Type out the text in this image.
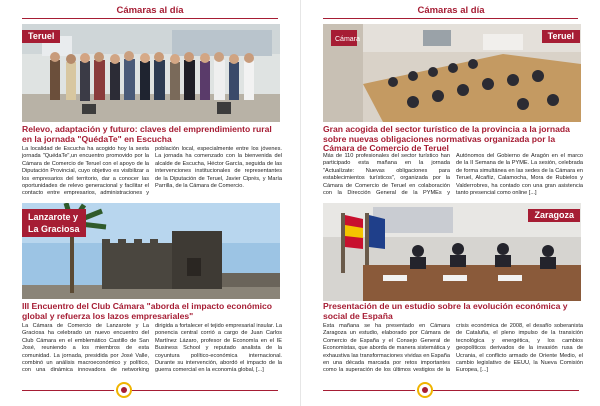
Cámaras al día
Teruel
Relevo, adaptación y futuro: claves del emprendimiento rural en la jornada "QuédaTe" en Escucha
La localidad de Escucha ha acogido hoy la sexta jornada "QuédaTe",un encuentro promovido por la Cámara de Comercio de Teruel con el apoyo de la Diputación Provincial, cuyo objetivo es visibilizar a los empresarios del territorio, dar a conocer las oportunidades de relevo generacional y facilitar el contacto entre empresarios, administraciones y población local, especialmente entre los jóvenes. La jornada ha comenzado con la bienvenida del alcalde de Escucha, Héctor García, seguida de las intervenciones institucionales de representantes de la Diputación de Teruel, Javier Ciprés, y María Parrilla, de la Cámara de Comercio.
Lanzarote y
La Graciosa
III Encuentro del Club Cámara "aborda el impacto económico global y refuerza los lazos empresariales"
La Cámara de Comercio de Lanzarote y La Graciosa ha celebrado un nuevo encuentro del Club Cámara en el emblemático Castillo de San José, reuniendo a los miembros de esta comunidad. La jornada, presidida por José Valle, combinó un análisis macroeconómico y político, con una dinámica innovadora de networking dirigida a fortalecer el tejido empresarial insular. La ponencia central corrió a cargo de Juan Carlos Martínez Lázaro, profesor de Economía en el IE Business School y reputado analista de la coyuntura político-económica internacional. Durante su intervención, abordó el impacto de la guerra comercial en la economía global, [...]
Cámaras al día
Cámara	Teruel
Gran acogida del sector turístico de la provincia a la jornada sobre nuevas obligaciones normativas organizada por la Cámara de Comercio de Teruel
Más de 110 profesionales del sector turístico han participado esta mañana en la jornada "Actualízate: Nuevas obligaciones para establecimientos turísticos", organizada por la Cámara de Comercio de Teruel en colaboración con la Dirección General de la PYMEs y Autónomos del Gobierno de Aragón en el marco de la II Semana de la PYME. La sesión, celebrada de forma simultánea en las sedes de la Cámara en Teruel, Alcañiz, Calamocha, Mora de Rubielos y Valderrobres, ha contado con una gran asistencia tanto presencial como online [...]
Zaragoza
Presentación de un estudio sobre la evolución económica y social de España
Esta mañana se ha presentado en Cámara Zaragoza un estudio, elaborado por Cámara de Comercio de España y el Consejo General de Economistas, que aborda de manera sistemática y exhaustiva las transformaciones vividas en España en una década marcada por retos importantes como la superación de los últimos vestigios de la crisis económica de 2008, el desafío soberanista de Cataluña, el pleno impulso de la transición tecnológica y energética, y los cambios geopolíticos derivados de la invasión rusa de Ucrania, el conflicto armado de Oriente Medio, el cambio legislativo de EEUU, la Nueva Comisión Europea, [...]
